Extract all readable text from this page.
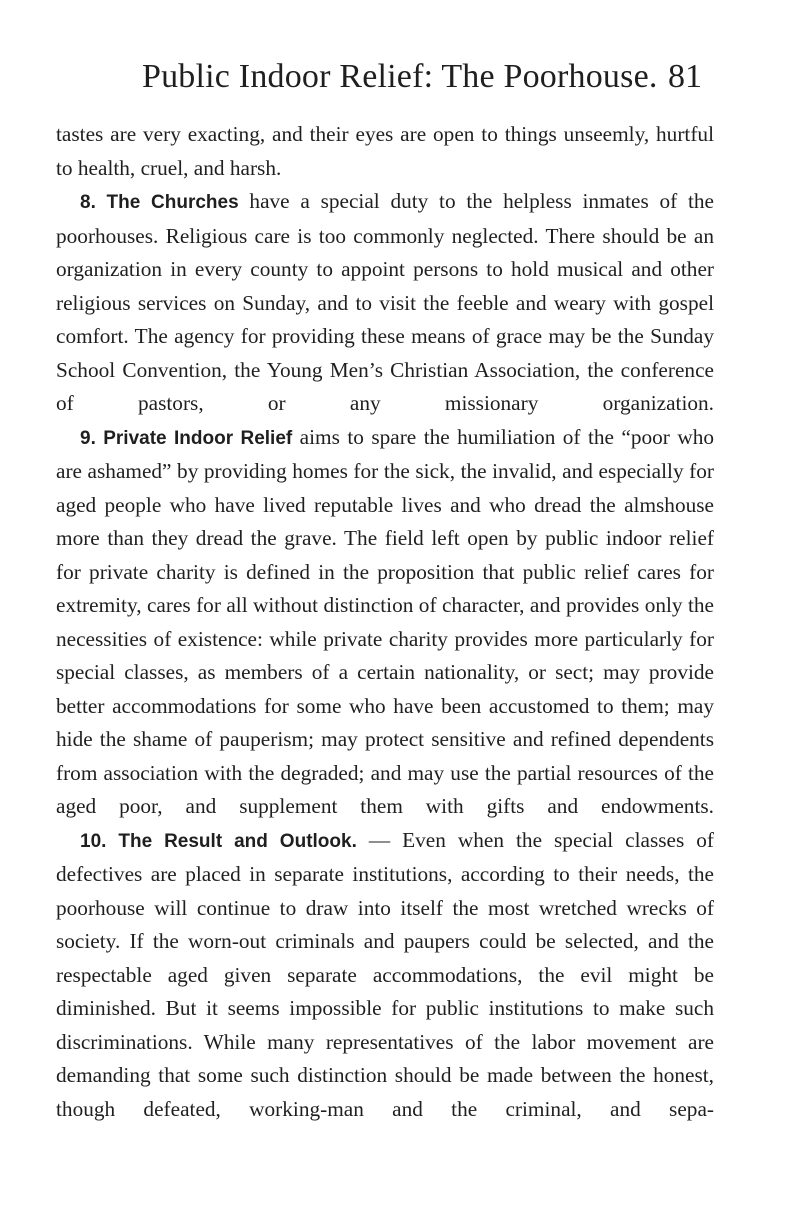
Public Indoor Relief: The Poorhouse. 81

tastes are very exacting, and their eyes are open to things unseemly, hurtful to health, cruel, and harsh.

8. The Churches have a special duty to the helpless inmates of the poorhouses. Religious care is too commonly neglected. There should be an organization in every county to appoint persons to hold musical and other religious services on Sunday, and to visit the feeble and weary with gospel comfort. The agency for providing these means of grace may be the Sunday School Convention, the Young Men’s Christian Association, the conference of pastors, or any missionary organization.

9. Private Indoor Relief aims to spare the humiliation of the “poor who are ashamed” by providing homes for the sick, the invalid, and especially for aged people who have lived reputable lives and who dread the almshouse more than they dread the grave. The field left open by public indoor relief for private charity is defined in the proposition that public relief cares for extremity, cares for all without distinction of character, and provides only the necessities of existence: while private charity provides more particularly for special classes, as members of a certain nationality, or sect; may provide better accommodations for some who have been accustomed to them; may hide the shame of pauperism; may protect sensitive and refined dependents from association with the degraded; and may use the partial resources of the aged poor, and supplement them with gifts and endowments.

10. The Result and Outlook. — Even when the special classes of defectives are placed in separate institutions, according to their needs, the poorhouse will continue to draw into itself the most wretched wrecks of society. If the worn-out criminals and paupers could be selected, and the respectable aged given separate accommodations, the evil might be diminished. But it seems impossible for public institutions to make such discriminations. While many representatives of the labor movement are demanding that some such distinction should be made between the honest, though defeated, working-man and the criminal, and sepa-
